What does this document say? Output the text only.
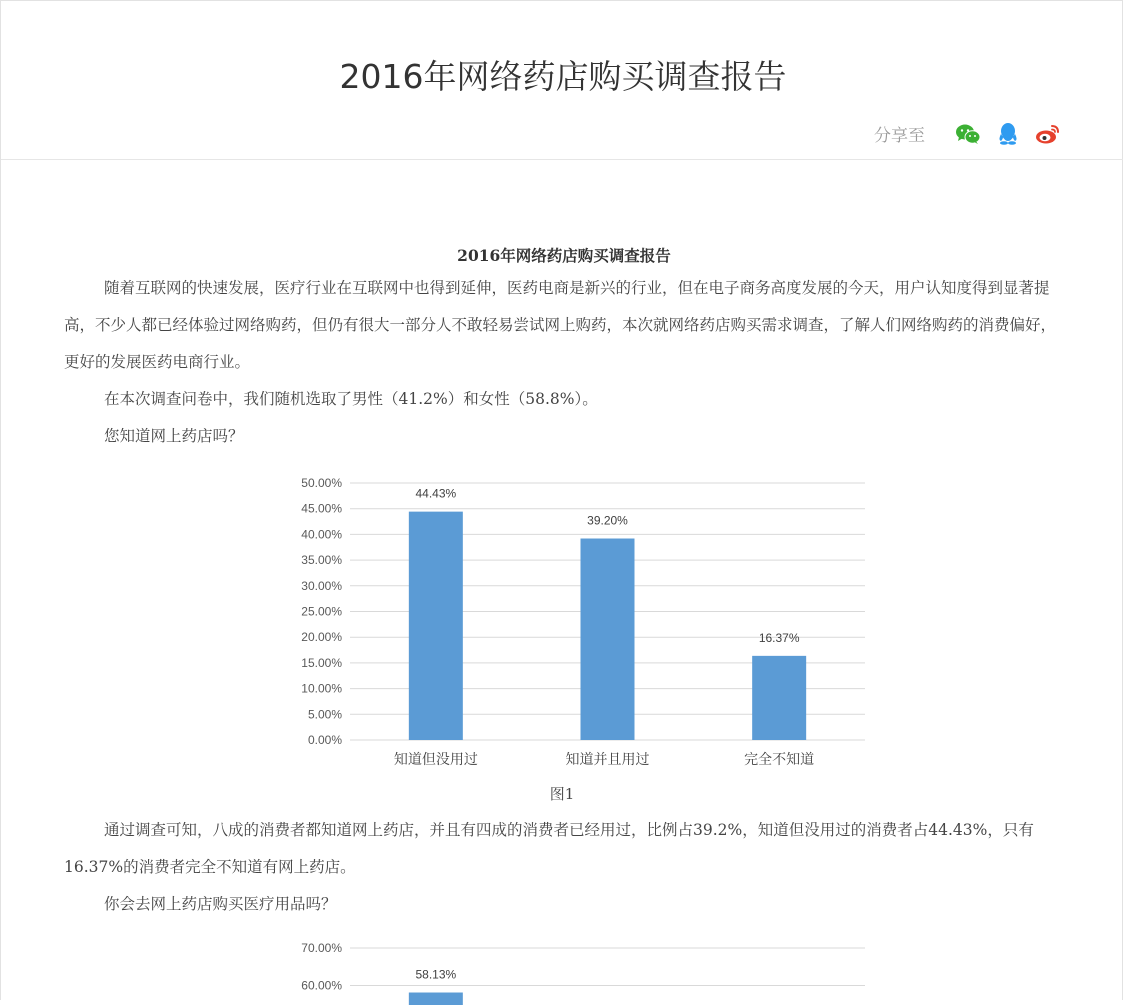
2016年网络药店购买调查报告
分享至
2016年网络药店购买调查报告

随着互联网的快速发展，医疗行业在互联网中也得到延伸，医药电商是新兴的行业，但在电子商务高度发展的今天，用户认知度得到显著提高，不少人都已经体验过网络购药，但仍有很大一部分人不敢轻易尝试网上购药，本次就网络药店购买需求调查，了解人们网络购药的消费偏好，更好的发展医药电商行业。

在本次调查问卷中，我们随机选取了男性（41.2%）和女性（58.8%）。

您知道网上药店吗？

0.00%
5.00%
10.00%
15.00%
20.00%
25.00%
30.00%
35.00%
40.00%
45.00%
50.00%
44.43%
知道但没用过
39.20%
知道并且用过
16.37%
完全不知道
图1

通过调查可知，八成的消费者都知道网上药店，并且有四成的消费者已经用过，比例占39.2%，知道但没用过的消费者占44.43%，只有16.37%的消费者完全不知道有网上药店。

你会去网上药店购买医疗用品吗？

70.00%
60.00%
58.13%
